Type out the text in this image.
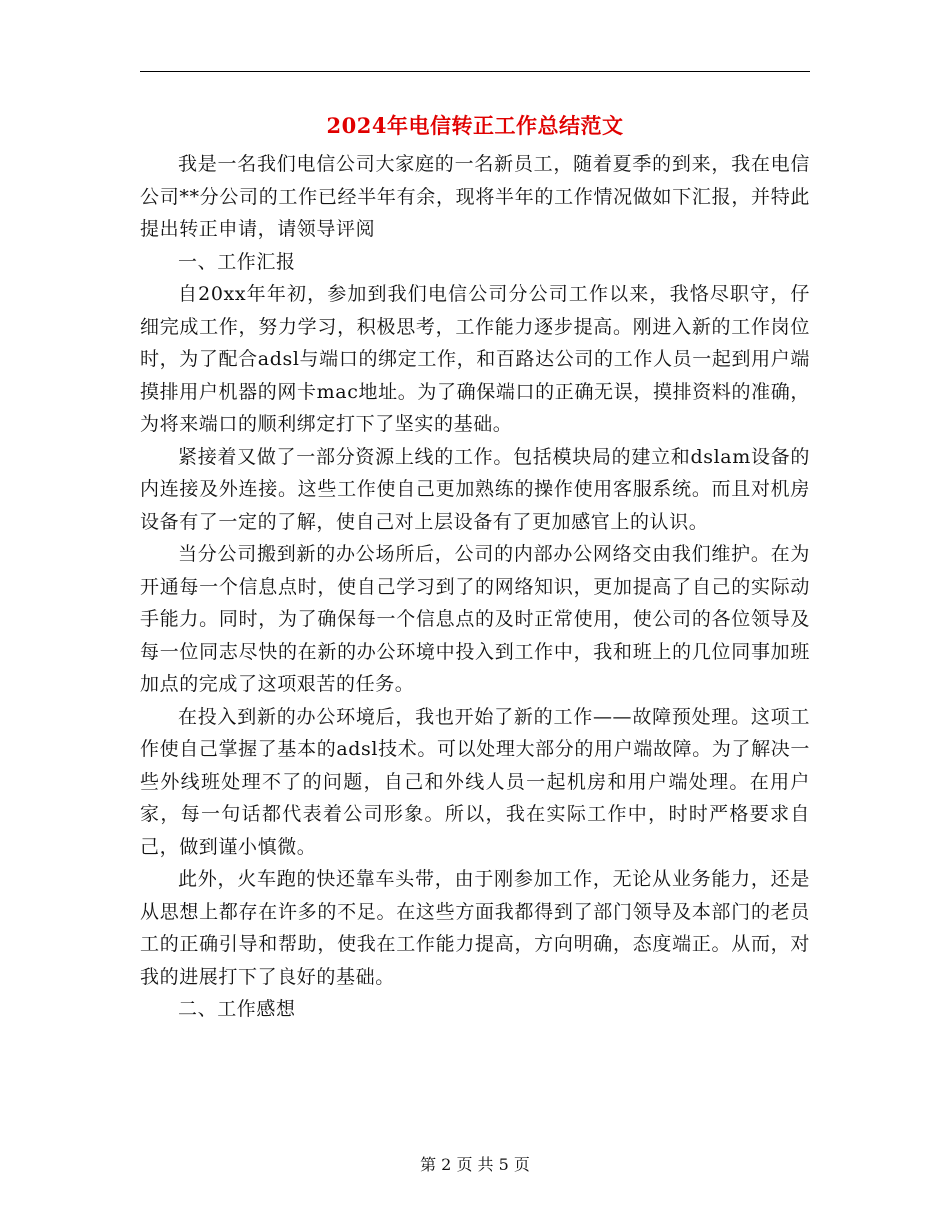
2024年电信转正工作总结范文

我是一名我们电信公司大家庭的一名新员工，随着夏季的到来，我在电信公司**分公司的工作已经半年有余，现将半年的工作情况做如下汇报，并特此提出转正申请，请领导评阅

一、工作汇报

自20xx年年初，参加到我们电信公司分公司工作以来，我恪尽职守，仔细完成工作，努力学习，积极思考，工作能力逐步提高。刚进入新的工作岗位时，为了配合adsl与端口的绑定工作，和百路达公司的工作人员一起到用户端摸排用户机器的网卡mac地址。为了确保端口的正确无误，摸排资料的准确，为将来端口的顺利绑定打下了坚实的基础。

紧接着又做了一部分资源上线的工作。包括模块局的建立和dslam设备的内连接及外连接。这些工作使自己更加熟练的操作使用客服系统。而且对机房设备有了一定的了解，使自己对上层设备有了更加感官上的认识。

当分公司搬到新的办公场所后，公司的内部办公网络交由我们维护。在为开通每一个信息点时，使自己学习到了的网络知识，更加提高了自己的实际动手能力。同时，为了确保每一个信息点的及时正常使用，使公司的各位领导及每一位同志尽快的在新的办公环境中投入到工作中，我和班上的几位同事加班加点的完成了这项艰苦的任务。

在投入到新的办公环境后，我也开始了新的工作——故障预处理。这项工作使自己掌握了基本的adsl技术。可以处理大部分的用户端故障。为了解决一些外线班处理不了的问题，自己和外线人员一起机房和用户端处理。在用户家，每一句话都代表着公司形象。所以，我在实际工作中，时时严格要求自己，做到谨小慎微。

此外，火车跑的快还靠车头带，由于刚参加工作，无论从业务能力，还是从思想上都存在许多的不足。在这些方面我都得到了部门领导及本部门的老员工的正确引导和帮助，使我在工作能力提高，方向明确，态度端正。从而，对我的进展打下了良好的基础。

二、工作感想

第 2 页 共 5 页
